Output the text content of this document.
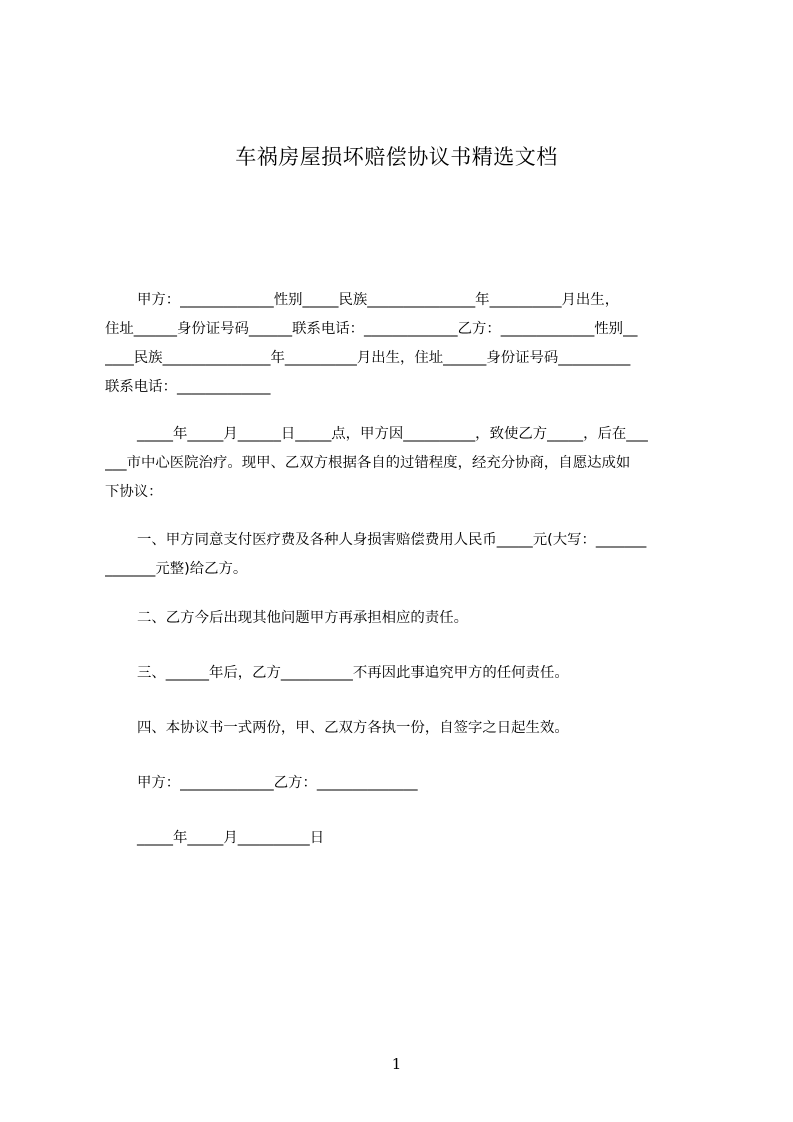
车祸房屋损坏赔偿协议书精选文档
甲方：_____________性别_____民族_______________年__________月出生，
住址______身份证号码______联系电话：_____________乙方：_____________性别__
____民族_______________年__________月出生，住址______身份证号码__________
联系电话：_____________
_____年_____月______日_____点，甲方因__________，致使乙方_____，后在___
___市中心医院治疗。现甲、乙双方根据各自的过错程度，经充分协商，自愿达成如
下协议：
一、甲方同意支付医疗费及各种人身损害赔偿费用人民币_____元(大写：_______
_______元整)给乙方。
二、乙方今后出现其他问题甲方再承担相应的责任。
三、______年后，乙方__________不再因此事追究甲方的任何责任。
四、本协议书一式两份，甲、乙双方各执一份，自签字之日起生效。
甲方：_____________乙方：______________
_____年_____月__________日
1
